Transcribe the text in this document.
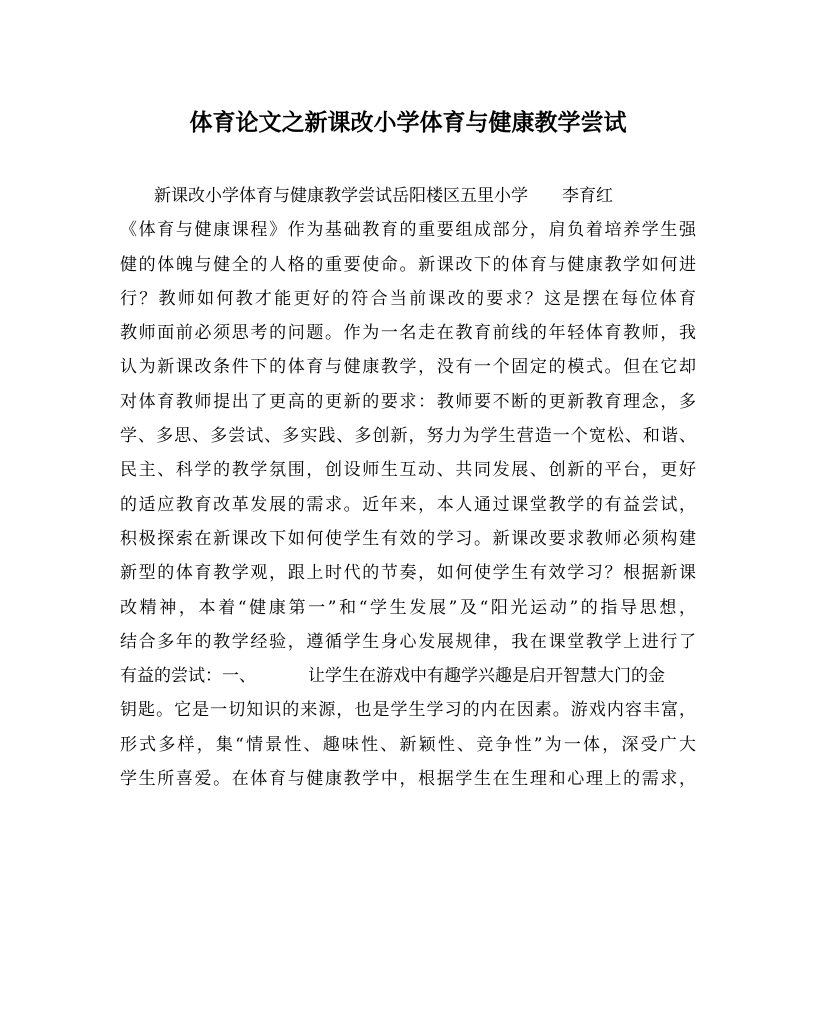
体育论文之新课改小学体育与健康教学尝试
新课改小学体育与健康教学尝试岳阳楼区五里小学 李育红
《体育与健康课程》作为基础教育的重要组成部分，肩负着培养学生强
健的体魄与健全的人格的重要使命。新课改下的体育与健康教学如何进
行？教师如何教才能更好的符合当前课改的要求？这是摆在每位体育
教师面前必须思考的问题。作为一名走在教育前线的年轻体育教师，我
认为新课改条件下的体育与健康教学，没有一个固定的模式。但在它却
对体育教师提出了更高的更新的要求：教师要不断的更新教育理念，多
学、多思、多尝试、多实践、多创新，努力为学生营造一个宽松、和谐、
民主、科学的教学氛围，创设师生互动、共同发展、创新的平台，更好
的适应教育改革发展的需求。近年来，本人通过课堂教学的有益尝试，
积极探索在新课改下如何使学生有效的学习。新课改要求教师必须构建
新型的体育教学观，跟上时代的节奏，如何使学生有效学习？根据新课
改精神，本着“健康第一”和“学生发展”及“阳光运动”的指导思想，
结合多年的教学经验，遵循学生身心发展规律，我在课堂教学上进行了
有益的尝试：一、	让学生在游戏中有趣学兴趣是启开智慧大门的金
钥匙。它是一切知识的来源，也是学生学习的内在因素。游戏内容丰富，
形式多样，集“情景性、趣味性、新颖性、竞争性”为一体，深受广大
学生所喜爱。在体育与健康教学中，根据学生在生理和心理上的需求，
